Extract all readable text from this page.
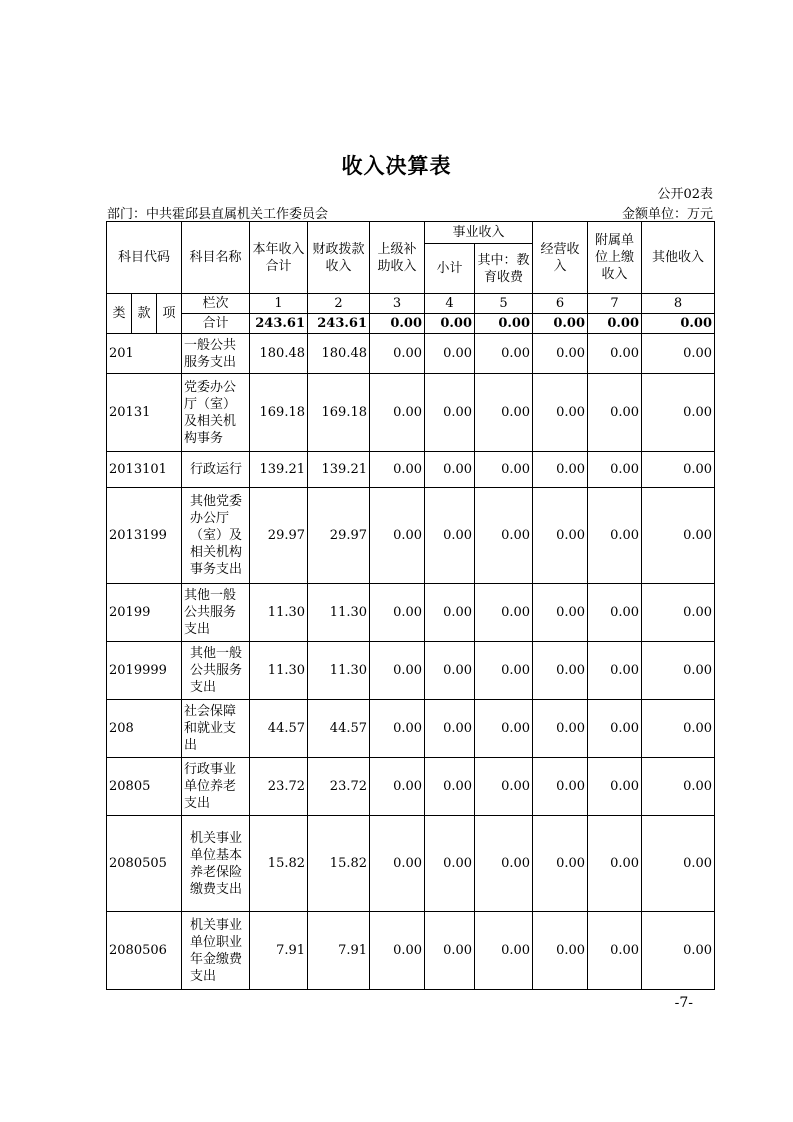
收入决算表
公开02表
部门：中共霍邱县直属机关工作委员会	金额单位：万元
科目代码			科目名称	本年收入合计	财政拨款收入	上级补助收入	事业收入		经营收入	附属单位上缴收入	其他收入
							小计	其中：教育收费			
类	款	项	栏次	1	2	3	4	5	6	7	8
			合计	243.61	243.61	0.00	0.00	0.00	0.00	0.00	0.00
201			一般公共服务支出	180.48	180.48	0.00	0.00	0.00	0.00	0.00	0.00
20131			党委办公厅（室）及相关机构事务	169.18	169.18	0.00	0.00	0.00	0.00	0.00	0.00
2013101			行政运行	139.21	139.21	0.00	0.00	0.00	0.00	0.00	0.00
2013199			其他党委办公厅（室）及相关机构事务支出	29.97	29.97	0.00	0.00	0.00	0.00	0.00	0.00
20199			其他一般公共服务支出	11.30	11.30	0.00	0.00	0.00	0.00	0.00	0.00
2019999			其他一般公共服务支出	11.30	11.30	0.00	0.00	0.00	0.00	0.00	0.00
208			社会保障和就业支出	44.57	44.57	0.00	0.00	0.00	0.00	0.00	0.00
20805			行政事业单位养老支出	23.72	23.72	0.00	0.00	0.00	0.00	0.00	0.00
2080505			机关事业单位基本养老保险缴费支出	15.82	15.82	0.00	0.00	0.00	0.00	0.00	0.00
2080506			机关事业单位职业年金缴费支出	7.91	7.91	0.00	0.00	0.00	0.00	0.00	0.00
-7-
